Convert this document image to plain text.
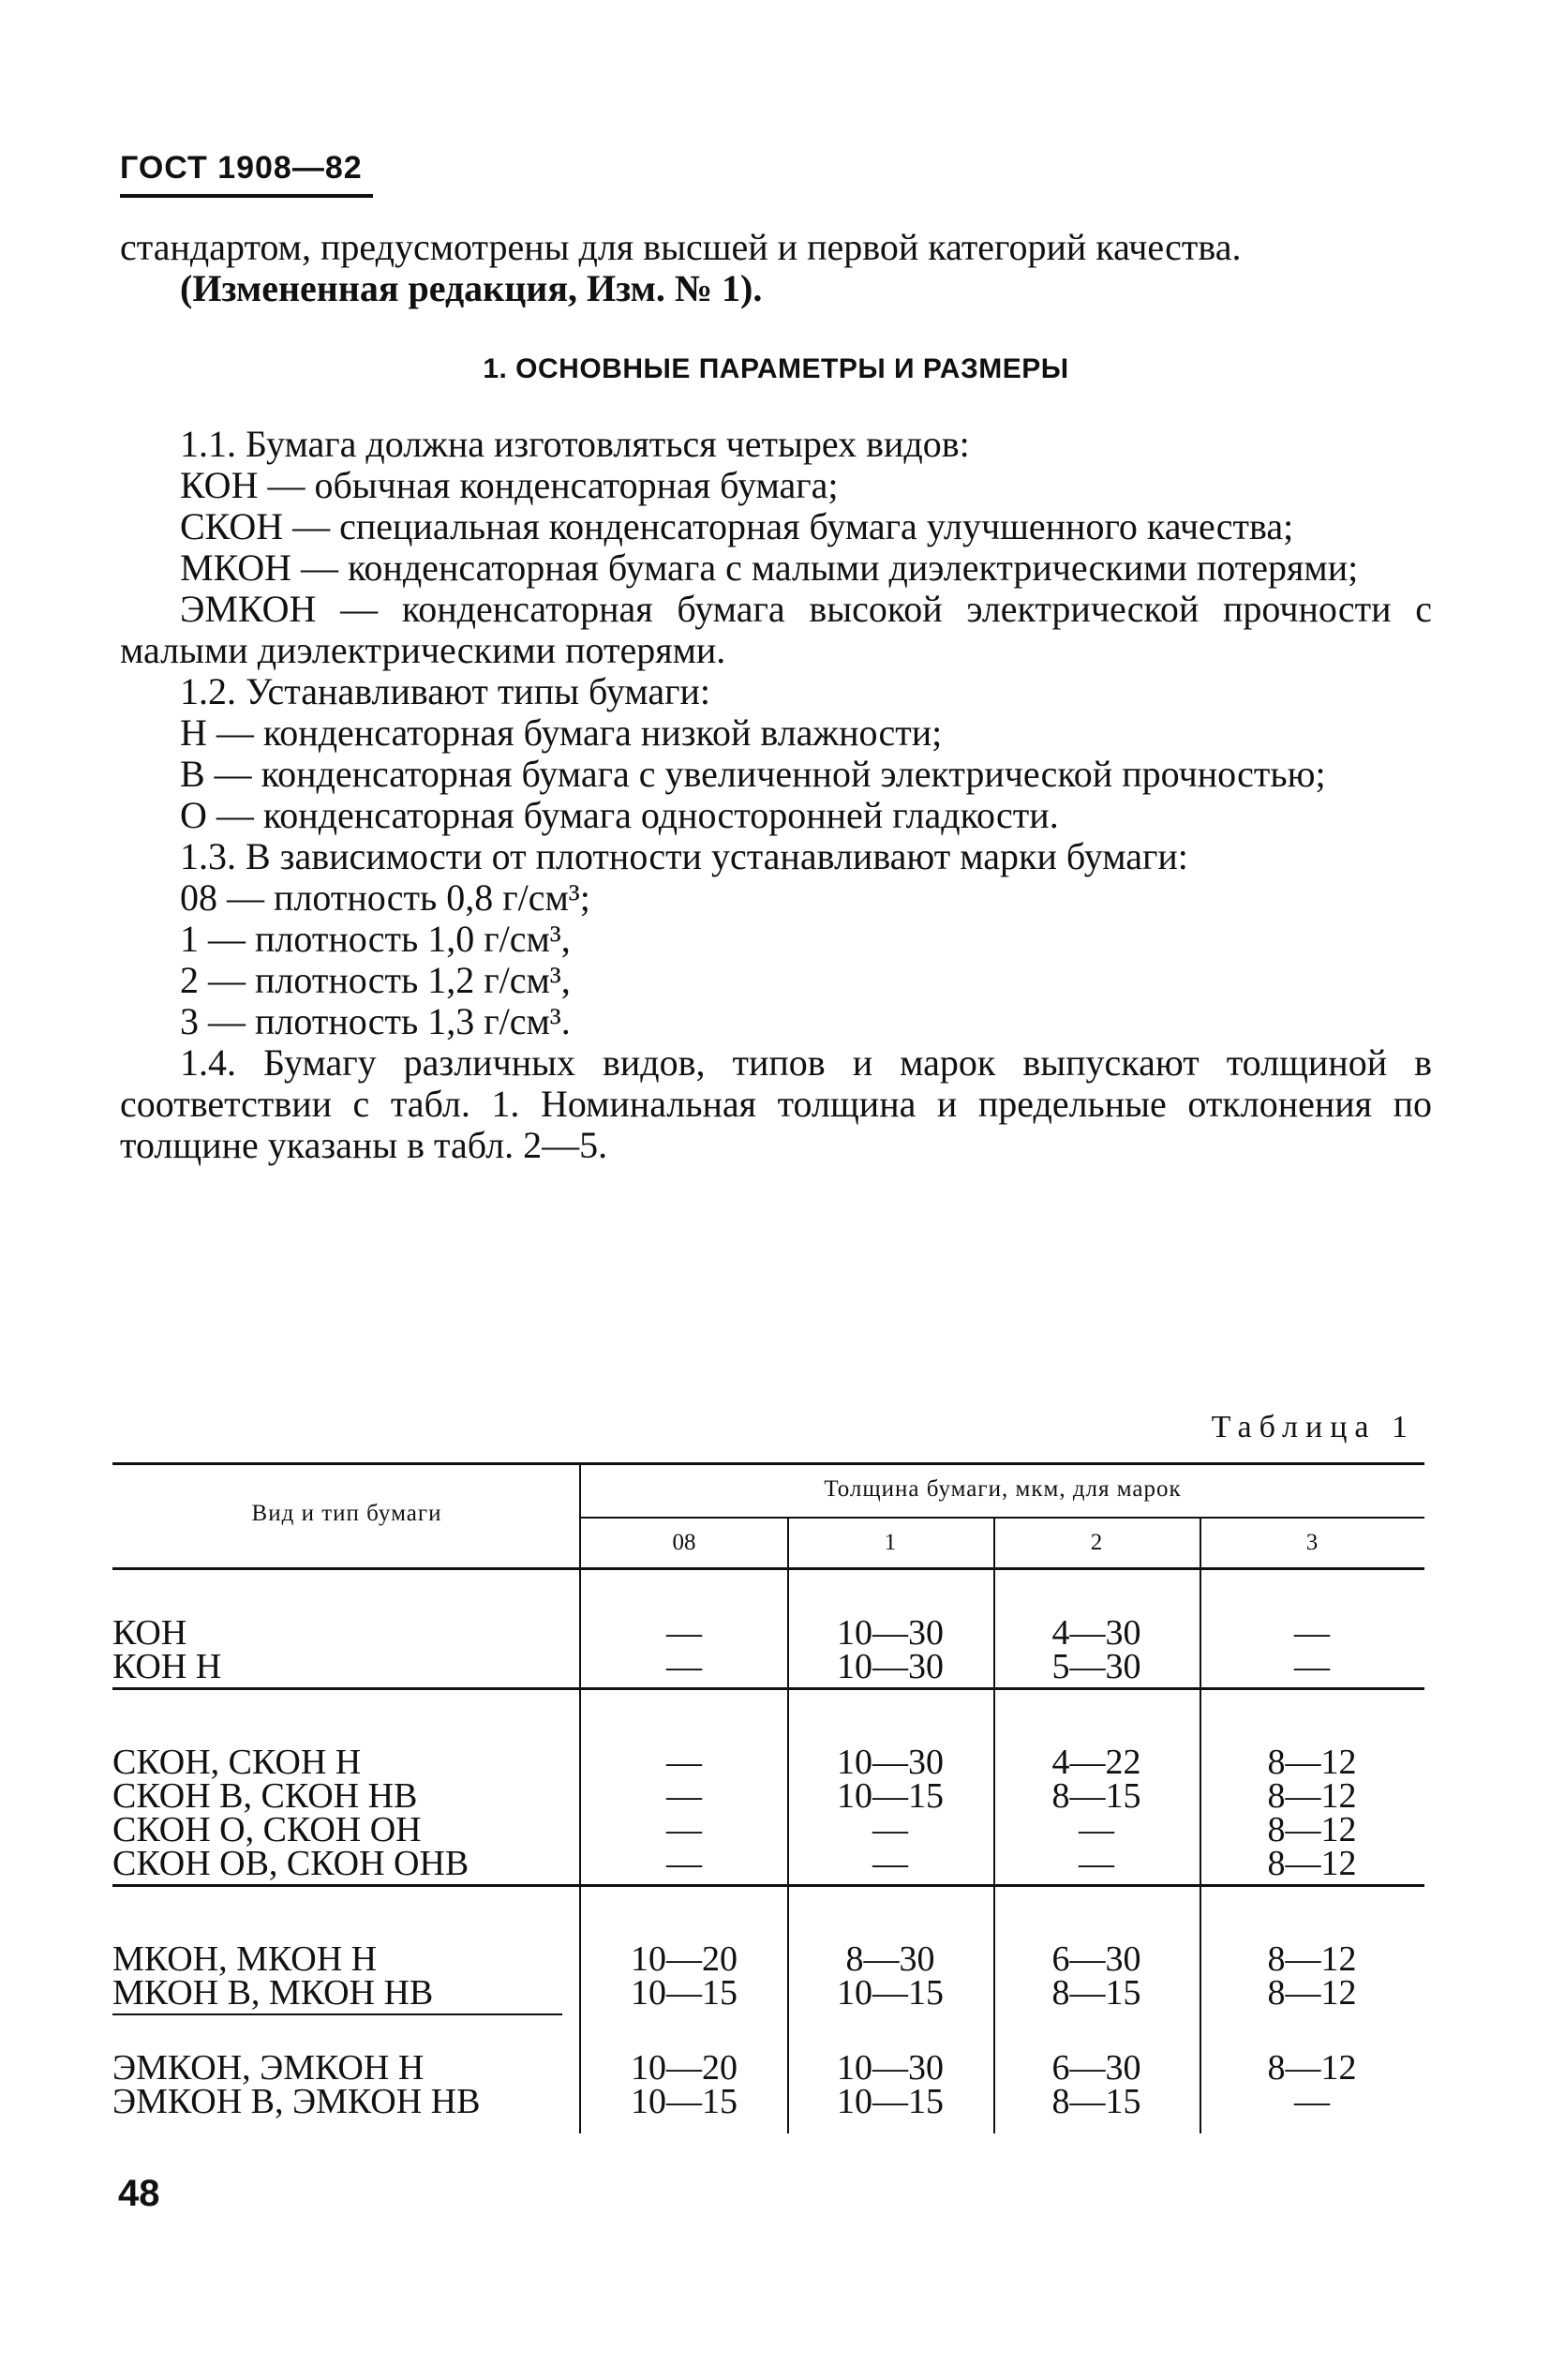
ГОСТ 1908—82

стандартом, предусмотрены для высшей и первой категорий качества.

(Измененная редакция, Изм. № 1).

1. ОСНОВНЫЕ ПАРАМЕТРЫ И РАЗМЕРЫ

1.1. Бумага должна изготовляться четырех видов:

КОН — обычная конденсаторная бумага;

СКОН — специальная конденсаторная бумага улучшенного качества;

МКОН — конденсаторная бумага с малыми диэлектрическими потерями;

ЭМКОН — конденсаторная бумага высокой электрической прочности с малыми диэлектрическими потерями.

1.2. Устанавливают типы бумаги:

Н — конденсаторная бумага низкой влажности;

В — конденсаторная бумага с увеличенной электрической прочностью;

О — конденсаторная бумага односторонней гладкости.

1.3. В зависимости от плотности устанавливают марки бумаги:

08 — плотность 0,8 г/см³;

1 — плотность 1,0 г/см³,

2 — плотность 1,2 г/см³,

3 — плотность 1,3 г/см³.

1.4. Бумагу различных видов, типов и марок выпускают толщиной в соответствии с табл. 1. Номинальная толщина и предельные отклонения по толщине указаны в табл. 2—5.

Таблица 1
Вид и тип бумаги
Толщина бумаги, мкм, для марок
08	1	2	3
КОН	—	10—30	4—30	—
КОН Н	—	10—30	5—30	—
СКОН, СКОН Н	—	10—30	4—22	8—12
СКОН В, СКОН НВ	—	10—15	8—15	8—12
СКОН О, СКОН ОН	—	—	—	8—12
СКОН ОВ, СКОН ОНВ	—	—	—	8—12
МКОН, МКОН Н	10—20	8—30	6—30	8—12
МКОН В, МКОН НВ	10—15	10—15	8—15	8—12
ЭМКОН, ЭМКОН Н	10—20	10—30	6—30	8—12
ЭМКОН В, ЭМКОН НВ	10—15	10—15	8—15	—
48
